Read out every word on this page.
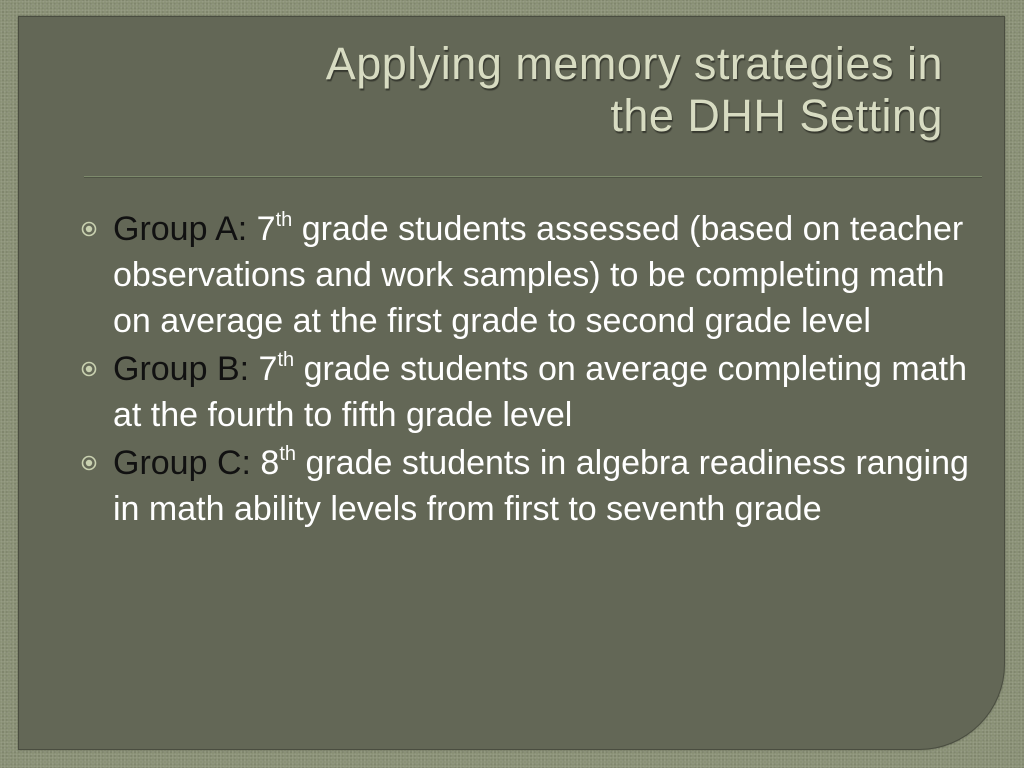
Applying memory strategies in
the DHH Setting
Group A: 7th grade students assessed (based on teacher observations and work samples) to be completing math on average at the first grade to second grade level
Group B: 7th grade students on average completing math at the fourth to fifth grade level
Group C: 8th grade students in algebra readiness ranging in math ability levels from first to seventh grade
